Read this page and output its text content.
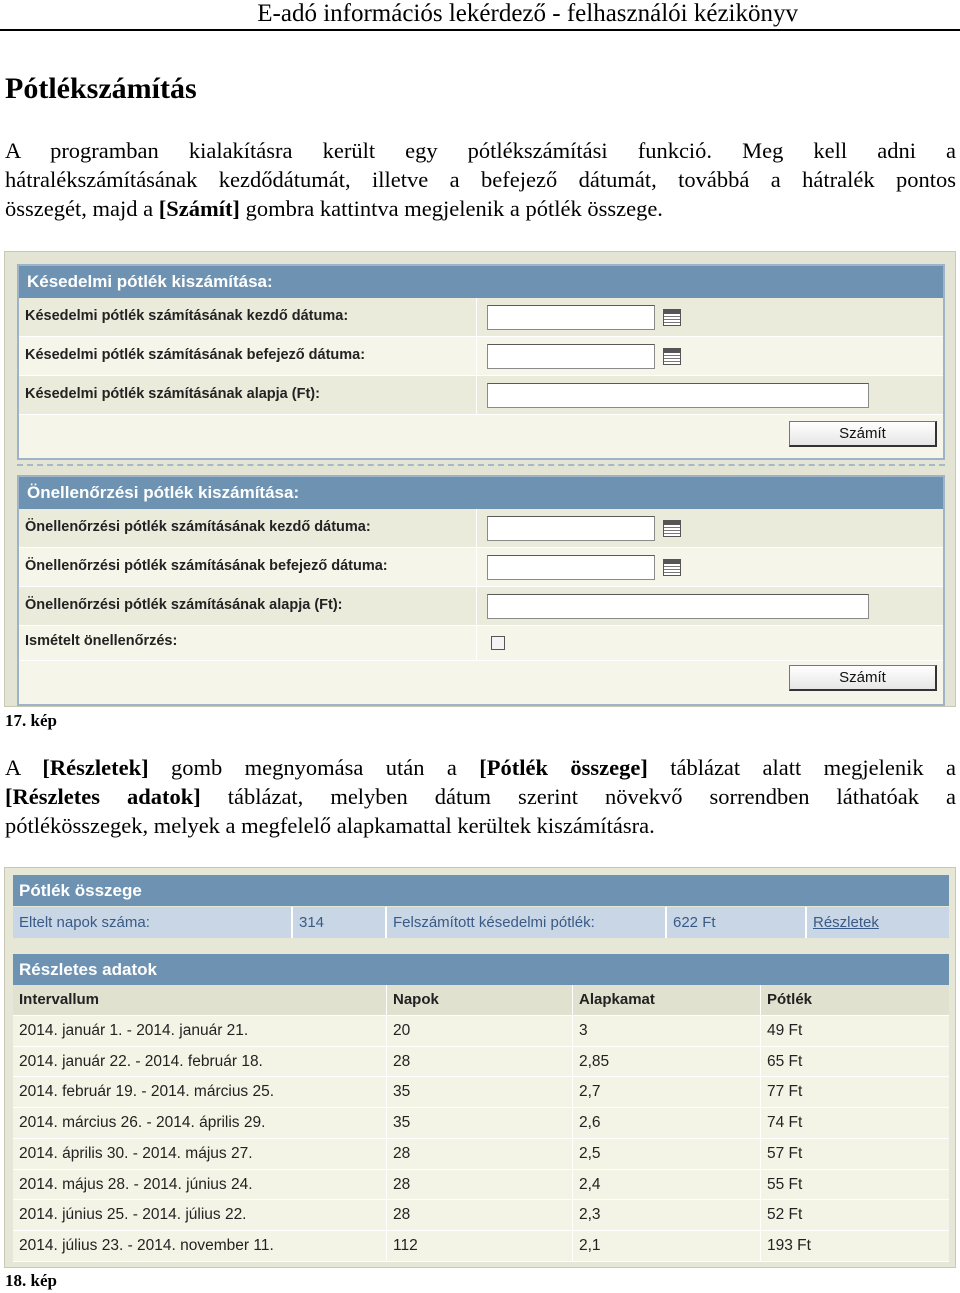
E-adó információs lekérdező - felhasználói kézikönyv
Pótlékszámítás
A programban kialakításra került egy pótlékszámítási funkció. Meg kell adni a
hátralékszámításának kezdődátumát, illetve a befejező dátumát, továbbá a hátralék pontos
összegét, majd a [Számít] gombra kattintva megjelenik a pótlék összege.
Késedelmi pótlék kiszámítása:
Késedelmi pótlék számításának kezdő dátuma:
Késedelmi pótlék számításának befejező dátuma:
Késedelmi pótlék számításának alapja (Ft):
Számít
Önellenőrzési pótlék kiszámítása:
Önellenőrzési pótlék számításának kezdő dátuma:
Önellenőrzési pótlék számításának befejező dátuma:
Önellenőrzési pótlék számításának alapja (Ft):
Ismételt önellenőrzés:
Számít
17. kép
A [Részletek] gomb megnyomása után a [Pótlék összege] táblázat alatt megjelenik a
[Részletes adatok] táblázat, melyben dátum szerint növekvő sorrendben láthatóak a
pótlékösszegek, melyek a megfelelő alapkamattal kerültek kiszámításra.
Pótlék összege
Eltelt napok száma:	314	Felszámított késedelmi pótlék:	622 Ft	Részletek
Részletes adatok
Intervallum	Napok	Alapkamat	Pótlék
2014. január 1. - 2014. január 21.	20	3	49 Ft
2014. január 22. - 2014. február 18.	28	2,85	65 Ft
2014. február 19. - 2014. március 25.	35	2,7	77 Ft
2014. március 26. - 2014. április 29.	35	2,6	74 Ft
2014. április 30. - 2014. május 27.	28	2,5	57 Ft
2014. május 28. - 2014. június 24.	28	2,4	55 Ft
2014. június 25. - 2014. július 22.	28	2,3	52 Ft
2014. július 23. - 2014. november 11.	112	2,1	193 Ft
18. kép
